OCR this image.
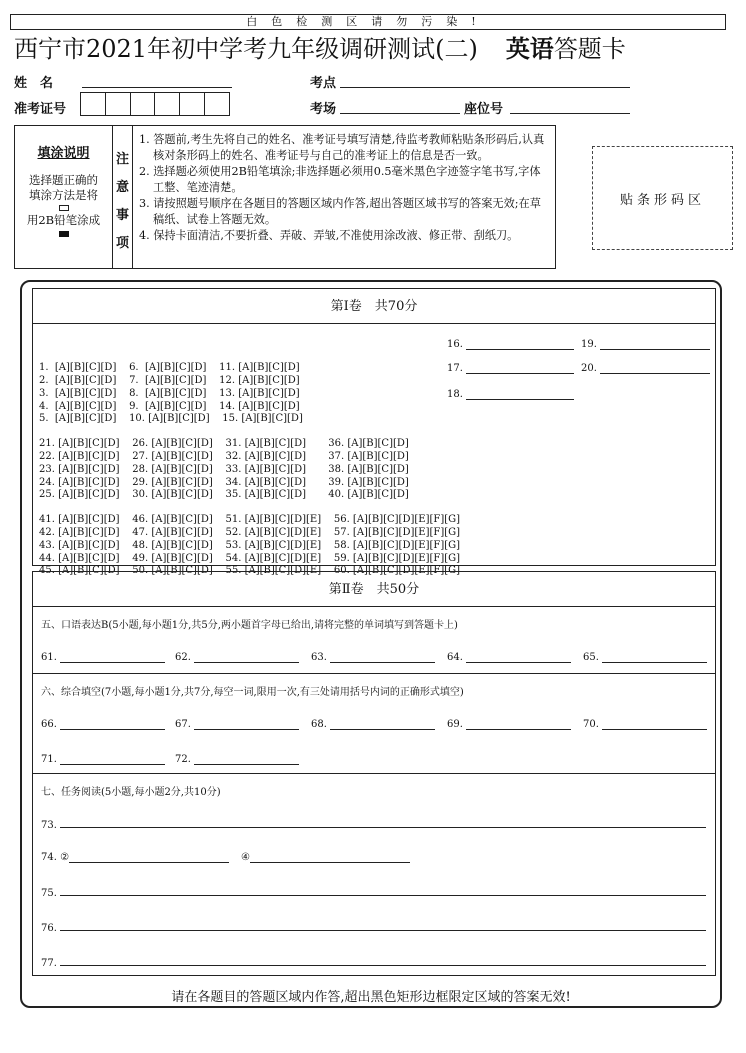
白色检测区请勿污染!
西宁市2021年初中学考九年级调研测试(二) 英语答题卡
姓　名	考点
准考证号	考场	座位号
填涂说明
选择题正确的
填涂方法是将
用2B铅笔涂成
注
意
事
项
1. 答题前,考生先将自己的姓名、准考证号填写清楚,待监考教师粘贴条形码后,认真核对条形码上的姓名、准考证号与自己的准考证上的信息是否一致。
2. 选择题必须使用2B铅笔填涂;非选择题必须用0.5毫米黑色字迹签字笔书写,字体工整、笔迹清楚。
3. 请按照题号顺序在各题目的答题区域内作答,超出答题区域书写的答案无效;在草稿纸、试卷上答题无效。
4. 保持卡面清洁,不要折叠、弄破、弄皱,不准使用涂改液、修正带、刮纸刀。
贴条形码区
第Ⅰ卷　共70分

1.  [A][B][C][D]    6.  [A][B][C][D]    11. [A][B][C][D]
2.  [A][B][C][D]    7.  [A][B][C][D]    12. [A][B][C][D]
3.  [A][B][C][D]    8.  [A][B][C][D]    13. [A][B][C][D]
4.  [A][B][C][D]    9.  [A][B][C][D]    14. [A][B][C][D]
5.  [A][B][C][D]    10. [A][B][C][D]    15. [A][B][C][D]

16.	19.
17.	20.
18.

21. [A][B][C][D]    26. [A][B][C][D]    31. [A][B][C][D]       36. [A][B][C][D]
22. [A][B][C][D]    27. [A][B][C][D]    32. [A][B][C][D]       37. [A][B][C][D]
23. [A][B][C][D]    28. [A][B][C][D]    33. [A][B][C][D]       38. [A][B][C][D]
24. [A][B][C][D]    29. [A][B][C][D]    34. [A][B][C][D]       39. [A][B][C][D]
25. [A][B][C][D]    30. [A][B][C][D]    35. [A][B][C][D]       40. [A][B][C][D]

41. [A][B][C][D]    46. [A][B][C][D]    51. [A][B][C][D][E]    56. [A][B][C][D][E][F][G]
42. [A][B][C][D]    47. [A][B][C][D]    52. [A][B][C][D][E]    57. [A][B][C][D][E][F][G]
43. [A][B][C][D]    48. [A][B][C][D]    53. [A][B][C][D][E]    58. [A][B][C][D][E][F][G]
44. [A][B][C][D]    49. [A][B][C][D]    54. [A][B][C][D][E]    59. [A][B][C][D][E][F][G]
45. [A][B][C][D]    50. [A][B][C][D]    55. [A][B][C][D][E]    60. [A][B][C][D][E][F][G]

第Ⅱ卷　共50分
五、口语表达B(5小题,每小题1分,共5分,两小题首字母已给出,请将完整的单词填写到答题卡上)
61.	62.	63.	64.	65.
六、综合填空(7小题,每小题1分,共7分,每空一词,限用一次,有三处请用括号内词的正确形式填空)
66.	67.	68.	69.	70.
71.	72.
七、任务阅读(5小题,每小题2分,共10分)
73.
74. ②	④
75.
76.
77.
请在各题目的答题区域内作答,超出黑色矩形边框限定区域的答案无效!
